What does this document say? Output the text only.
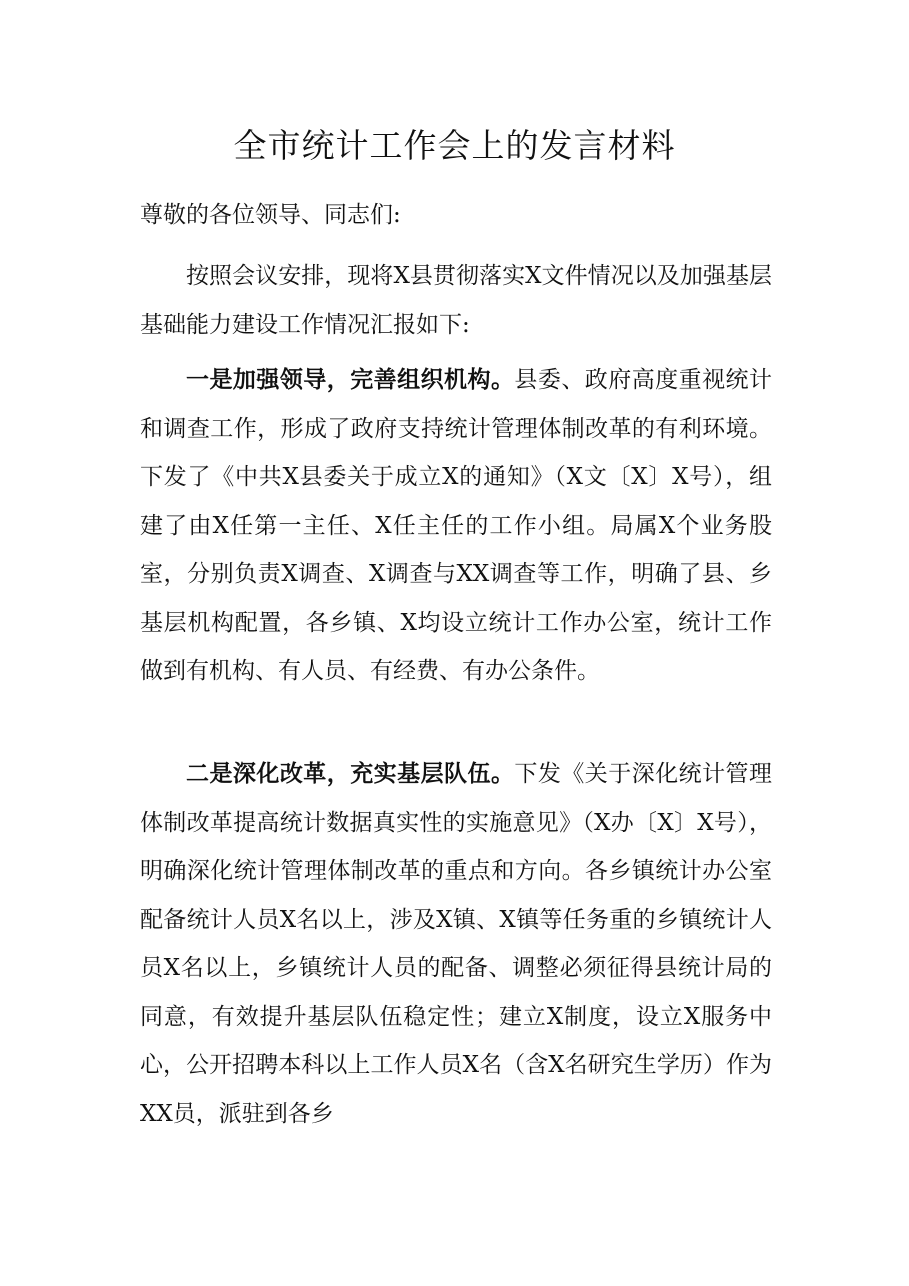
全市统计工作会上的发言材料
尊敬的各位领导、同志们:
按照会议安排，现将X县贯彻落实X文件情况以及加强基层基础能力建设工作情况汇报如下:
一是加强领导，完善组织机构。县委、政府高度重视统计和调查工作，形成了政府支持统计管理体制改革的有利环境。下发了《中共X县委关于成立X的通知》（X文〔X〕X号），组建了由X任第一主任、X任主任的工作小组。局属X个业务股室，分别负责X调查、X调查与XX调查等工作，明确了县、乡基层机构配置，各乡镇、X均设立统计工作办公室，统计工作做到有机构、有人员、有经费、有办公条件。
二是深化改革，充实基层队伍。下发《关于深化统计管理体制改革提高统计数据真实性的实施意见》（X办〔X〕X号），明确深化统计管理体制改革的重点和方向。各乡镇统计办公室配备统计人员X名以上，涉及X镇、X镇等任务重的乡镇统计人员X名以上，乡镇统计人员的配备、调整必须征得县统计局的同意，有效提升基层队伍稳定性；建立X制度，设立X服务中心，公开招聘本科以上工作人员X名（含X名研究生学历）作为XX员，派驻到各乡
